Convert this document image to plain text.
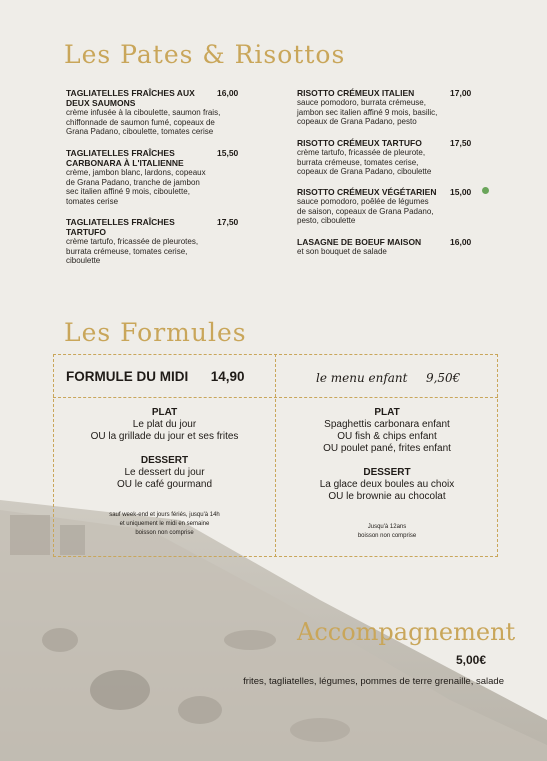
Les Pates & Risottos
TAGLIATELLES FRAÎCHES AUX DEUX SAUMONS
crème infusée à la ciboulette, saumon frais,
chiffonnade de saumon fumé, copeaux de
Grana Padano, ciboulette, tomates cerise
16,00
TAGLIATELLES FRAÎCHES CARBONARA À L'ITALIENNE
crème, jambon blanc, lardons, copeaux
de Grana Padano, tranche de jambon
sec italien affiné 9 mois, ciboulette,
tomates cerise
15,50
TAGLIATELLES FRAÎCHES TARTUFO
crème tartufo, fricassée de pleurotes,
burrata crémeuse, tomates cerise,
ciboulette
17,50
RISOTTO CRÉMEUX ITALIEN
sauce pomodoro, burrata crémeuse,
jambon sec italien affiné 9 mois, basilic,
copeaux de Grana Padano, pesto
17,00
RISOTTO CRÉMEUX TARTUFO
crème tartufo, fricassée de pleurote,
burrata crémeuse, tomates cerise,
copeaux de Grana Padano, ciboulette
17,50
RISOTTO CRÉMEUX VÉGÉTARIEN
sauce pomodoro, poêlée de légumes
de saison, copeaux de Grana Padano,
pesto, ciboulette
15,00
LASAGNE DE BOEUF MAISON
et son bouquet de salade
16,00
Les Formules
FORMULE DU MIDI 14,90	le menu enfant 9,50€
PLAT
Le plat du jour
OU la grillade du jour et ses frites
DESSERT
Le dessert du jour
OU le café gourmand
sauf week-end et jours fériés, jusqu'à 14h
et uniquement le midi en semaine
boisson non comprise
PLAT
Spaghettis carbonara enfant
OU fish & chips enfant
OU poulet pané, frites enfant
DESSERT
La glace deux boules au choix
OU le brownie au chocolat
Jusqu'à 12ans
boisson non comprise
Accompagnement
5,00€
frites, tagliatelles, légumes, pommes de terre grenaille, salade
